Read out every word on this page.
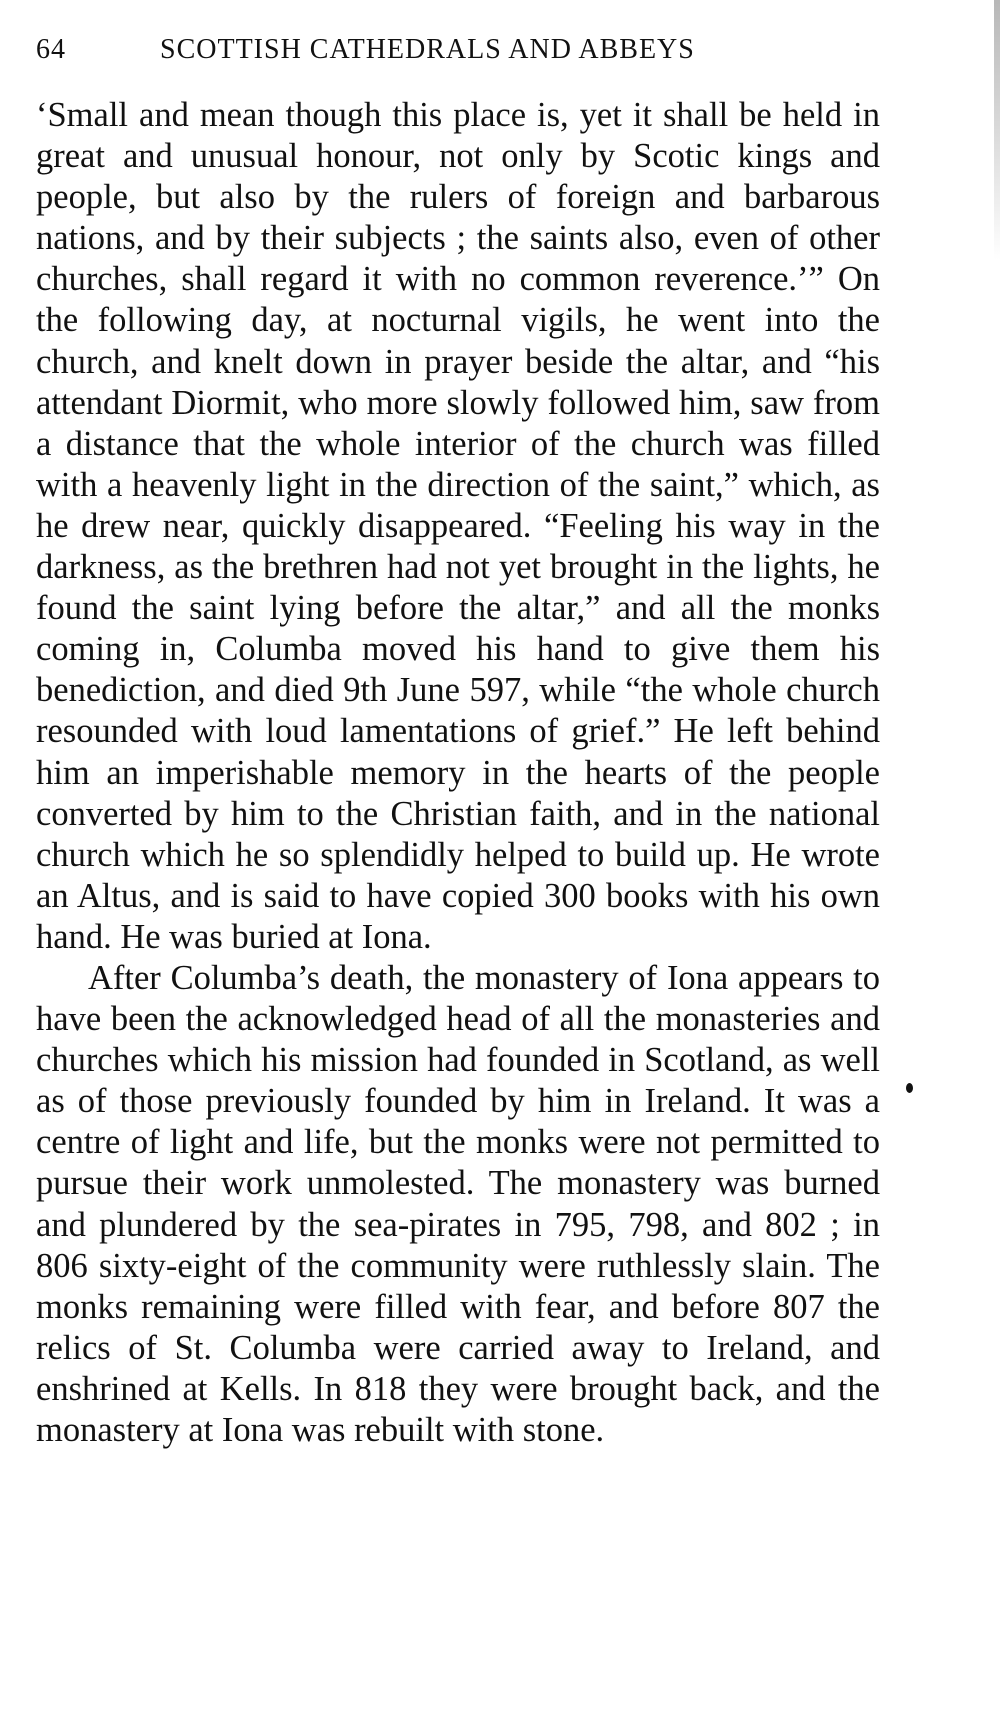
64	SCOTTISH CATHEDRALS AND ABBEYS

‘Small and mean though this place is, yet it shall be held in great and unusual honour, not only by Scotic kings and people, but also by the rulers of foreign and barbarous nations, and by their subjects ; the saints also, even of other churches, shall regard it with no common reverence.’” On the following day, at nocturnal vigils, he went into the church, and knelt down in prayer beside the altar, and “his attendant Diormit, who more slowly followed him, saw from a distance that the whole interior of the church was filled with a heavenly light in the direction of the saint,” which, as he drew near, quickly disappeared. “Feeling his way in the darkness, as the brethren had not yet brought in the lights, he found the saint lying before the altar,” and all the monks coming in, Columba moved his hand to give them his benediction, and died 9th June 597, while “the whole church resounded with loud lamentations of grief.” He left behind him an imperishable memory in the hearts of the people converted by him to the Christian faith, and in the national church which he so splendidly helped to build up. He wrote an Altus, and is said to have copied 300 books with his own hand. He was buried at Iona.

After Columba’s death, the monastery of Iona appears to have been the acknowledged head of all the monasteries and churches which his mission had founded in Scotland, as well as of those previously founded by him in Ireland. It was a centre of light and life, but the monks were not permitted to pursue their work unmolested. The monastery was burned and plundered by the sea-pirates in 795, 798, and 802 ; in 806 sixty-eight of the community were ruthlessly slain. The monks remaining were filled with fear, and before 807 the relics of St. Columba were carried away to Ireland, and enshrined at Kells. In 818 they were brought back, and the monastery at Iona was rebuilt with stone.
